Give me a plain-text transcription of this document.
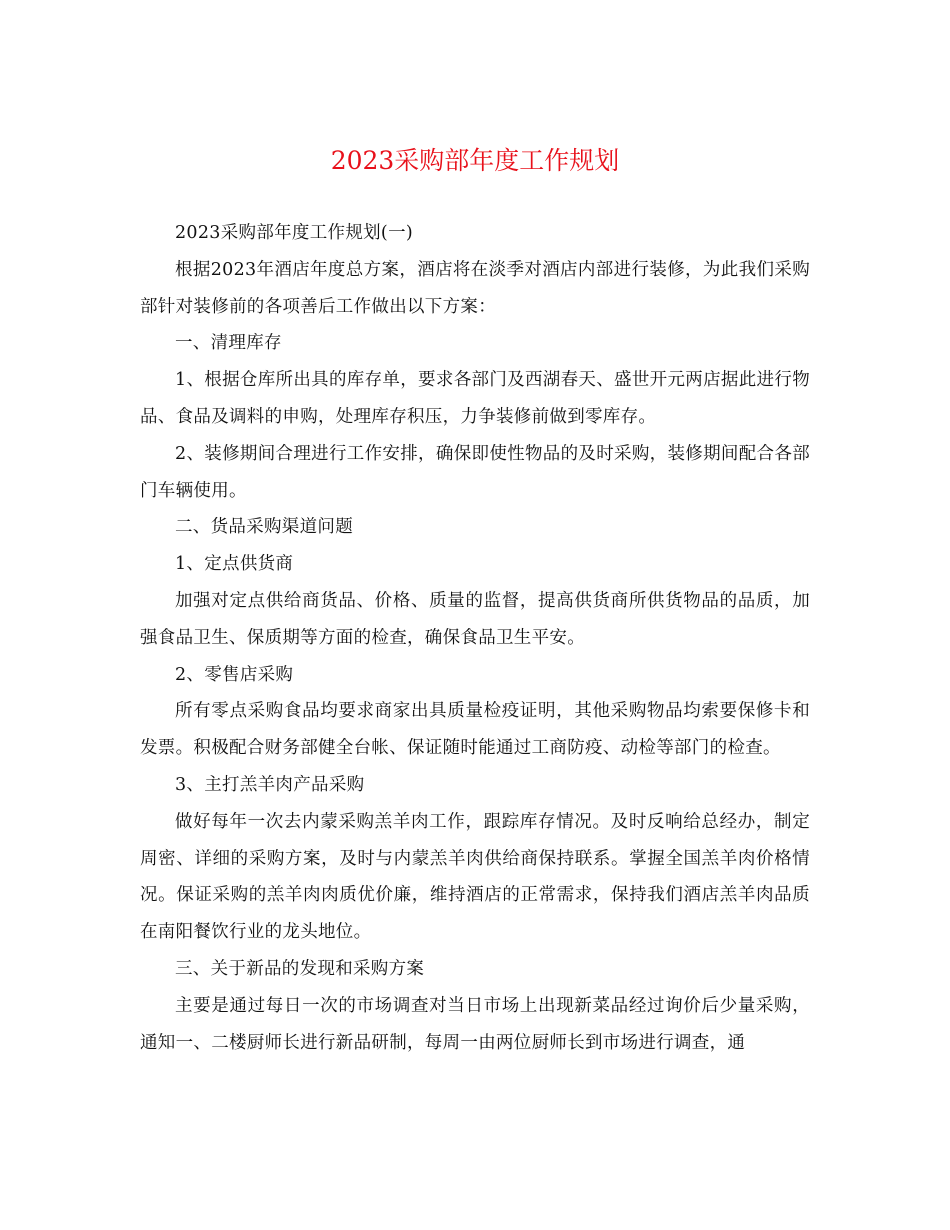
2023采购部年度工作规划

2023采购部年度工作规划(一)

根据2023年酒店年度总方案，酒店将在淡季对酒店内部进行装修，为此我们采购部针对装修前的各项善后工作做出以下方案：

一、清理库存

1、根据仓库所出具的库存单，要求各部门及西湖春天、盛世开元两店据此进行物品、食品及调料的申购，处理库存积压，力争装修前做到零库存。

2、装修期间合理进行工作安排，确保即使性物品的及时采购，装修期间配合各部门车辆使用。

二、货品采购渠道问题

1、定点供货商

加强对定点供给商货品、价格、质量的监督，提高供货商所供货物品的品质，加强食品卫生、保质期等方面的检查，确保食品卫生平安。

2、零售店采购

所有零点采购食品均要求商家出具质量检疫证明，其他采购物品均索要保修卡和发票。积极配合财务部健全台帐、保证随时能通过工商防疫、动检等部门的检查。

3、主打羔羊肉产品采购

做好每年一次去内蒙采购羔羊肉工作，跟踪库存情况。及时反响给总经办，制定周密、详细的采购方案，及时与内蒙羔羊肉供给商保持联系。掌握全国羔羊肉价格情况。保证采购的羔羊肉肉质优价廉，维持酒店的正常需求，保持我们酒店羔羊肉品质在南阳餐饮行业的龙头地位。

三、关于新品的发现和采购方案

主要是通过每日一次的市场调查对当日市场上出现新菜品经过询价后少量采购，通知一、二楼厨师长进行新品研制，每周一由两位厨师长到市场进行调查，通
